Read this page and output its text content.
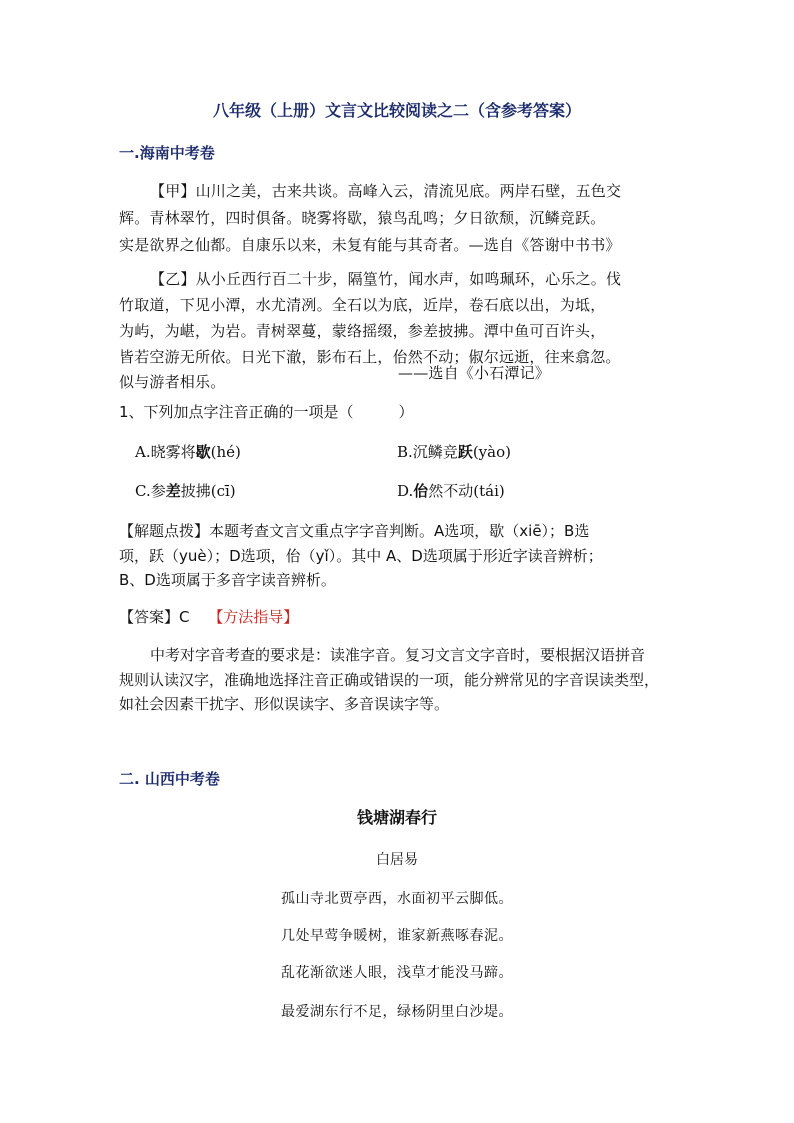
八年级（上册）文言文比较阅读之二（含参考答案）
一.海南中考卷
【甲】山川之美，古来共谈。高峰入云，清流见底。两岸石壁，五色交
辉。青林翠竹，四时俱备。晓雾将歇，猿鸟乱鸣；夕日欲颓，沉鳞竞跃。
实是欲界之仙都。自康乐以来，未复有能与其奇者。—选自《答谢中书书》
【乙】从小丘西行百二十步，隔篁竹，闻水声，如鸣珮环，心乐之。伐
竹取道，下见小潭，水尤清冽。全石以为底，近岸，卷石底以出，为坻，
为屿，为嵁，为岩。青树翠蔓，蒙络摇缀，参差披拂。潭中鱼可百许头，
皆若空游无所依。日光下澈，影布石上，佁然不动；俶尔远逝，往来翕忽。
似与游者相乐。	——选自《小石潭记》
1、下列加点字注音正确的一项是（　　　）
A.晓雾将歇(hé)	B.沉鳞竞跃(yào)
C.参差披拂(cī)	D.佁然不动(tái)
【解题点拨】本题考查文言文重点字字音判断。A选项，歇（xiē）；B选
项，跃（yuè）；D选项，佁（yǐ）。其中 A、D选项属于形近字读音辨析；
B、D选项属于多音字读音辨析。
【答案】C 【方法指导】
中考对字音考查的要求是：读准字音。复习文言文字音时，要根据汉语拼音
规则认读汉字，准确地选择注音正确或错误的一项，能分辨常见的字音误读类型，
如社会因素干扰字、形似误读字、多音误读字等。
二. 山西中考卷
钱塘湖春行
白居易
孤山寺北贾亭西，水面初平云脚低。
几处早莺争暖树，谁家新燕啄春泥。
乱花渐欲迷人眼，浅草才能没马蹄。
最爱湖东行不足，绿杨阴里白沙堤。
